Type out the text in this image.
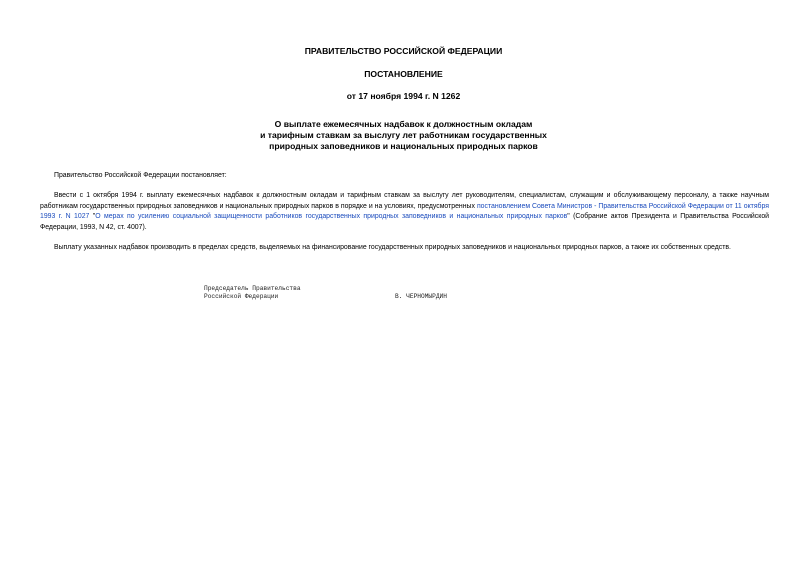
ПРАВИТЕЛЬСТВО РОССИЙСКОЙ ФЕДЕРАЦИИ

ПОСТАНОВЛЕНИЕ

от 17 ноября 1994 г. N 1262

О выплате ежемесячных надбавок к должностным окладам
и тарифным ставкам за выслугу лет работникам государственных
природных заповедников и национальных природных парков

Правительство Российской Федерации постановляет:

Ввести с 1 октября 1994 г. выплату ежемесячных надбавок к должностным окладам и тарифным ставкам за выслугу лет руководителям, специалистам, служащим и обслуживающему персоналу, а также научным работникам государственных природных заповедников и национальных природных парков в порядке и на условиях, предусмотренных постановлением Совета Министров - Правительства Российской Федерации от 11 октября 1993 г. N 1027 "О мерах по усилению социальной защищенности работников государственных природных заповедников и национальных природных парков" (Собрание актов Президента и Правительства Российской Федерации, 1993, N 42, ст. 4007).

Выплату указанных надбавок производить в пределах средств, выделяемых на финансирование государственных природных заповедников и национальных природных парков, а также их собственных средств.

Председатель Правительства

Российской Федерации	В. ЧЕРНОМЫРДИН
